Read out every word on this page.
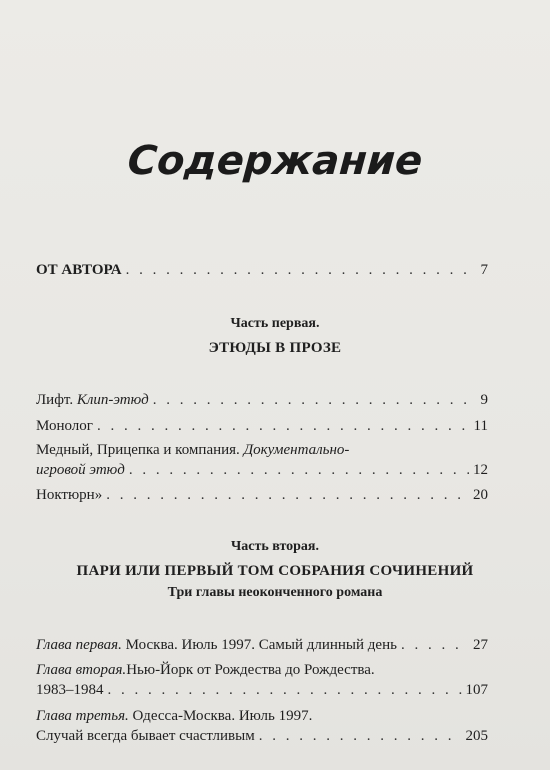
Содержание
ОТ АВТОРА . . .	7
Часть первая.
ЭТЮДЫ В ПРОЗЕ
Лифт. Клип-этюд . . .	9
Монолог . . .	11
Медный, Прицепка и компания. Документально-
игровой этюд . . .	12
Ноктюрн» . . .	20
Часть вторая.
ПАРИ ИЛИ ПЕРВЫЙ ТОМ СОБРАНИЯ СОЧИНЕНИЙ
Три главы неоконченного романа
Глава первая. Москва. Июль 1997. Самый длинный день . . .	27
Глава вторая.Нью-Йорк от Рождества до Рождества.
1983–1984 . . .	107
Глава третья. Одесса-Москва. Июль 1997.
Случай всегда бывает счастливым . . .	205
